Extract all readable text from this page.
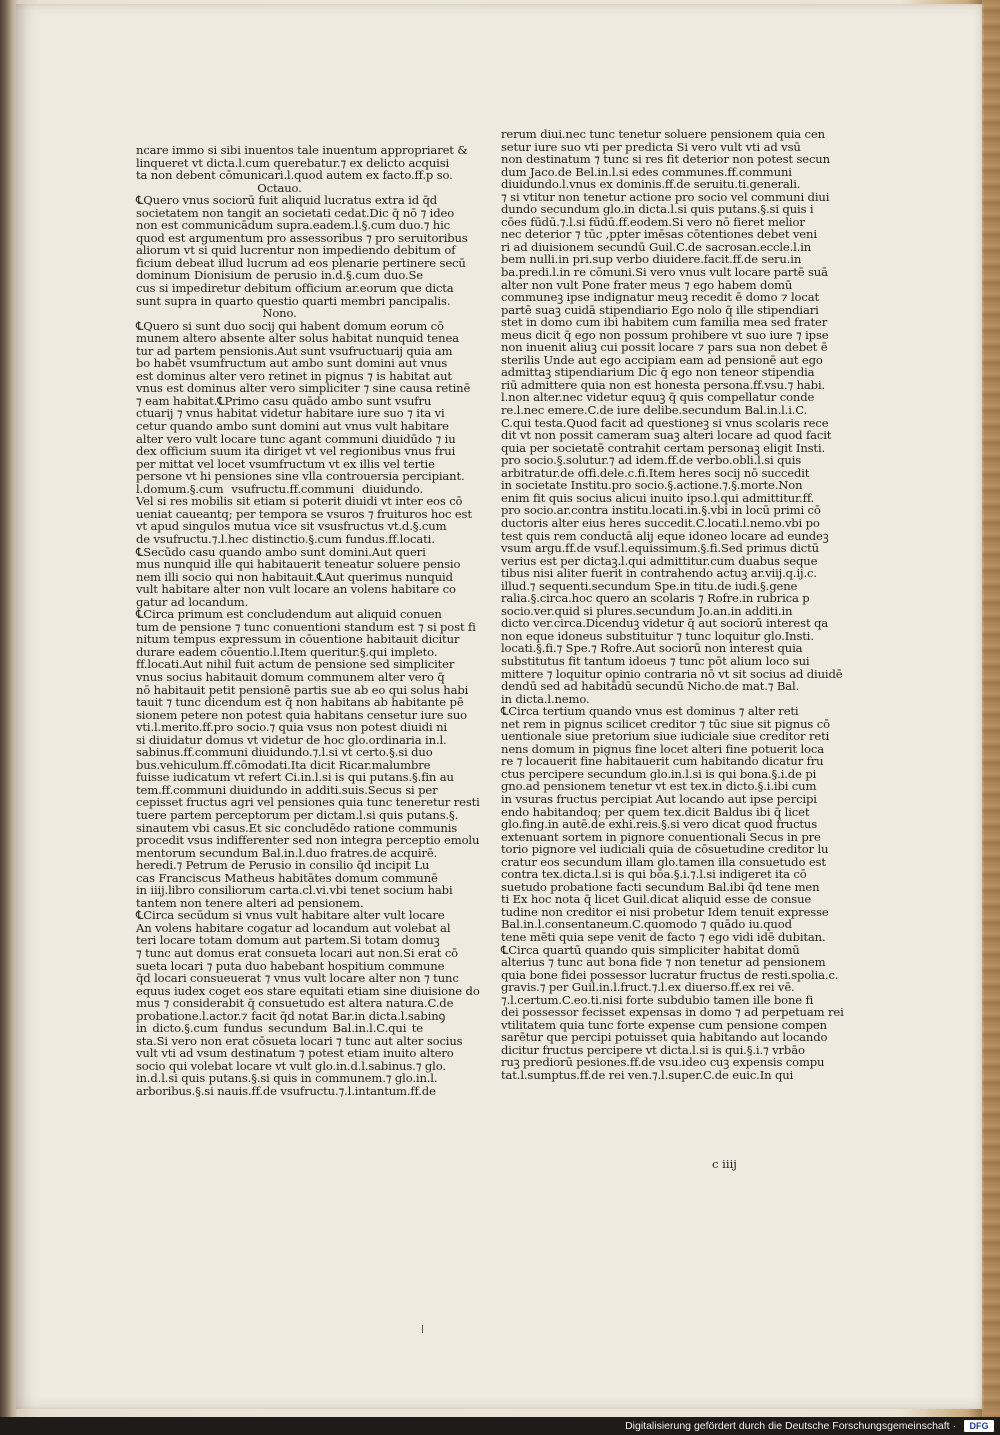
ncare immo si sibi inuentos tale inuentum appropriaret &
linqueret vt dicta.l.cum querebatur.⁊ ex delicto acquisi
ta non debent cōmunicari.l.quod autem ex facto.ff.p so.
Octauo.
℄Quero vnus sociorū fuit aliquid lucratus extra id q̄d
societatem non tangit an societati cedat.Dic q̄ nō ⁊ ideo
non est communicādum supra.eadem.l.§.cum duo.⁊ hic
quod est argumentum pro assessoribus ⁊ pro seruitoribus
aliorum vt si quid lucrentur non impediendo debitum of
ficium debeat illud lucrum ad eos plenarie pertinere secū
dominum Dionisium de perusio in.d.§.cum duo.Se
cus si impediretur debitum officium ar.eorum que dicta
sunt supra in quarto questio quarti membri pancipalis.
Nono.
℄Quero si sunt duo socij qui habent domum eorum cō
munem altero absente alter solus habitat nunquid tenea
tur ad partem pensionis.Aut sunt vsufructuarij quia am
bo habēt vsumfructum aut ambo sunt domini aut vnus
est dominus alter vero retinet in pignus ⁊ is habitat aut
vnus est dominus alter vero simpliciter ⁊ sine causa retinē
⁊ eam habitat.℄Primo casu quādo ambo sunt vsufru
ctuarij ⁊ vnus habitat videtur habitare iure suo ⁊ ita vi
cetur quando ambo sunt domini aut vnus vult habitare
alter vero vult locare tunc agant communi diuidūdo ⁊ iu
dex officium suum ita diriget vt vel regionibus vnus frui
per mittat vel locet vsumfructum vt ex illis vel tertie
persone vt hi pensiones sine vlla controuersia percipiant.
l.domum.§.cum vsufructu.ff.communi diuidundo.
Vel si res mobilis sit etiam si poterit diuidi vt inter eos cō
ueniat caueantq; per tempora se vsuros ⁊ fruituros hoc est
vt apud singulos mutua vice sit vsusfructus vt.d.§.cum
de vsufructu.⁊.l.hec distinctio.§.cum fundus.ff.locati.
℄Secūdo casu quando ambo sunt domini.Aut queri
mus nunquid ille qui habitauerit teneatur soluere pensio
nem illi socio qui non habitauit.℄Aut querimus nunquid
vult habitare alter non vult locare an volens habitare co
gatur ad locandum.
℄Circa primum est concludendum aut aliquid conuen
tum de pensione ⁊ tunc conuentioni standum est ⁊ si post fi
nitum tempus expressum in cōuentione habitauit dicitur
durare eadem cōuentio.l.Item queritur.§.qui impleto.
ff.locati.Aut nihil fuit actum de pensione sed simpliciter
vnus socius habitauit domum communem alter vero q̄
nō habitauit petit pensionē partis sue ab eo qui solus habi
tauit ⁊ tunc dicendum est q̄ non habitans ab habitante pē
sionem petere non potest quia habitans censetur iure suo
vti.l.merito.ff.pro socio.⁊ quia vsus non potest diuidi ni
si diuidatur domus vt videtur de hoc glo.ordinaria in.l.
sabinus.ff.communi diuidundo.⁊.l.si vt certo.§.si duo
bus.vehiculum.ff.cōmodati.Ita dicit Ricar.malumbre
fuisse iudicatum vt refert Ci.in.l.si is qui putans.§.fin au
tem.ff.communi diuidundo in additi.suis.Secus si per
cepisset fructus agri vel pensiones quia tunc teneretur resti
tuere partem perceptorum per dictam.l.si quis putans.§.
sinautem vbi casus.Et sic concludēdo ratione communis
procedit vsus indifferenter sed non integra perceptio emolu
mentorum secundum Bal.in.l.duo fratres.de acquirē.
heredi.⁊ Petrum de Perusio in consilio q̄d incipit Lu
cas Franciscus Matheus habitātes domum communē
in iiij.libro consiliorum carta.cl.vi.vbi tenet socium habi
tantem non tenere alteri ad pensionem.
℄Circa secūdum si vnus vult habitare alter vult locare
An volens habitare cogatur ad locandum aut volebat al
teri locare totam domum aut partem.Si totam domuꝫ
⁊ tunc aut domus erat consueta locari aut non.Si erat cō
sueta locari ⁊ puta duo habebant hospitium commune
q̄d locari consueuerat ⁊ vnus vult locare alter non ⁊ tunc
equus iudex coget eos stare equitati etiam sine diuisione do
mus ⁊ considerabit q̄ consuetudo est altera natura.C.de
probatione.l.actor.⁊ facit q̄d notat Bar.in dicta.l.sabinꝯ
in dicto.§.cum fundus secundum Bal.in.l.C.qui te
sta.Si vero non erat cōsueta locari ⁊ tunc aut alter socius
vult vti ad vsum destinatum ⁊ potest etiam inuito altero
socio qui volebat locare vt vult glo.in.d.l.sabinus.⁊ glo.
in.d.l.si quis putans.§.si quis in communem.⁊ glo.in.l.
arboribus.§.si nauis.ff.de vsufructu.⁊.l.intantum.ff.de
rerum diui.nec tunc tenetur soluere pensionem quia cen
setur iure suo vti per predicta Si vero vult vti ad vsū
non destinatum ⁊ tunc si res fit deterior non potest secun
dum Jaco.de Bel.in.l.si edes communes.ff.communi
diuidundo.l.vnus ex dominis.ff.de seruitu.ti.generali.
⁊ si vtitur non tenetur actione pro socio vel communi diui
dundo secundum glo.in dicta.l.si quis putans.§.si quis i
cōes fūdū.⁊.l.si fūdū.ff.eodem.Si vero nō fieret melior
nec deterior ⁊ tūc ,ppter imēsas cōtentiones debet veni
ri ad diuisionem secundū Guil.C.de sacrosan.eccle.l.in
bem nulli.in pri.sup verbo diuidere.facit.ff.de seru.in
ba.predi.l.in re cōmuni.Si vero vnus vult locare partē suā
alter non vult Pone frater meus ⁊ ego habem domū
communeꝫ ipse indignatur meuꝫ recedit ē domo ⁊ locat
partē suaꝫ cuidā stipendiario Ego nolo q̄ ille stipendiari
stet in domo cum ibi habitem cum familia mea sed frater
meus dicit q̄ ego non possum prohibere vt suo iure ⁊ ipse
non inuenit aliuꝫ cui possit locare ⁊ pars sua non debet ē
sterilis Unde aut ego accipiam eam ad pensionē aut ego
admittaꝫ stipendiarium Dic q̄ ego non teneor stipendia
riū admittere quia non est honesta persona.ff.vsu.⁊ habi.
l.non alter.nec videtur equuꝫ q̄ quis compellatur conde
re.l.nec emere.C.de iure delibe.secundum Bal.in.l.i.C.
C.qui testa.Quod facit ad questioneꝫ si vnus scolaris rece
dit vt non possit cameram suaꝫ alteri locare ad quod facit
quia per societatē contrahit certam personaꝫ eligit Insti.
pro socio.§.solutur.⁊ ad idem.ff.de verbo.obli.l.si quis
arbitratur.de offi.dele.c.fi.Item heres socij nō succedit
in societate Institu.pro socio.§.actione.⁊.§.morte.Non
enim fit quis socius alicui inuito ipso.l.qui admittitur.ff.
pro socio.ar.contra institu.locati.in.§.vbi in locū primi cō
ductoris alter eius heres succedit.C.locati.l.nemo.vbi po
test quis rem conductā alij eque idoneo locare ad eundeꝫ
vsum argu.ff.de vsuf.l.equissimum.§.fi.Sed primus dictū
verius est per dictaꝫ.l.qui admittitur.cum duabus seque
tibus nisi aliter fuerit in contrahendo actuꝫ ar.viij.q.ij.c.
illud.⁊ sequenti.secundum Spe.in titu.de iudi.§.gene
ralia.§.circa.hoc quero an scolaris ⁊ Rofre.in rubrica p
socio.ver.quid si plures.secundum Jo.an.in additi.in
dicto ver.circa.Dicenduꝫ videtur q̄ aut sociorū interest qa
non eque idoneus substituitur ⁊ tunc loquitur glo.Insti.
locati.§.fi.⁊ Spe.⁊ Rofre.Aut sociorū non interest quia
substitutus fit tantum idoeus ⁊ tunc pōt alium loco sui
mittere ⁊ loquitur opinio contraria nō vt sit socius ad diuidē
dendū sed ad habitādū secundū Nicho.de mat.⁊ Bal.
in dicta.l.nemo.
℄Circa tertium quando vnus est dominus ⁊ alter reti
net rem in pignus scilicet creditor ⁊ tūc siue sit pignus cō
uentionale siue pretorium siue iudiciale siue creditor reti
nens domum in pignus fine locet alteri fine potuerit loca
re ⁊ locauerit fine habitauerit cum habitando dicatur fru
ctus percipere secundum glo.in.l.si is qui bona.§.i.de pi
gno.ad pensionem tenetur vt est tex.in dicto.§.i.ibi cum
in vsuras fructus percipiat Aut locando aut ipse percipi
endo habitandoq; per quem tex.dicit Baldus ibi q̄ licet
glo.fing.in autē.de exhi.reis.§.si vero dicat quod fructus
extenuant sortem in pignore conuentionali Secus in pre
torio pignore vel iudiciali quia de cōsuetudine creditor lu
cratur eos secundum illam glo.tamen illa consuetudo est
contra tex.dicta.l.si is qui bōa.§.i.⁊.l.si indigeret ita cō
suetudo probatione facti secundum Bal.ibi q̄d tene men
ti Ex hoc nota q̄ licet Guil.dicat aliquid esse de consue
tudine non creditor ei nisi probetur Idem tenuit expresse
Bal.in.l.consentaneum.C.quomodo ⁊ quādo iu.quod
tene mēti quia sepe venit de facto ⁊ ego vidi idē dubitan.
℄Circa quartū quando quis simpliciter habitat domū
alterius ⁊ tunc aut bona fide ⁊ non tenetur ad pensionem
quia bone fidei possessor lucratur fructus de resti.spolia.c.
gravis.⁊ per Guil.in.l.fruct.⁊.l.ex diuerso.ff.ex rei vē.
⁊.l.certum.C.eo.ti.nisi forte subdubio tamen ille bone fi
dei possessor fecisset expensas in domo ⁊ ad perpetuam rei
vtilitatem quia tunc forte expense cum pensione compen
sarētur que percipi potuisset quia habitando aut locando
dicitur fructus percipere vt dicta.l.si is qui.§.i.⁊ vrbāo
ruꝫ prediorū pesiones.ff.de vsu.ideo cuꝫ expensis compu
tat.l.sumptus.ff.de rei ven.⁊.l.super.C.de euic.In qui
c iiij
Digitalisierung gefördert durch die Deutsche Forschungsgemeinschaft ·	DFG
